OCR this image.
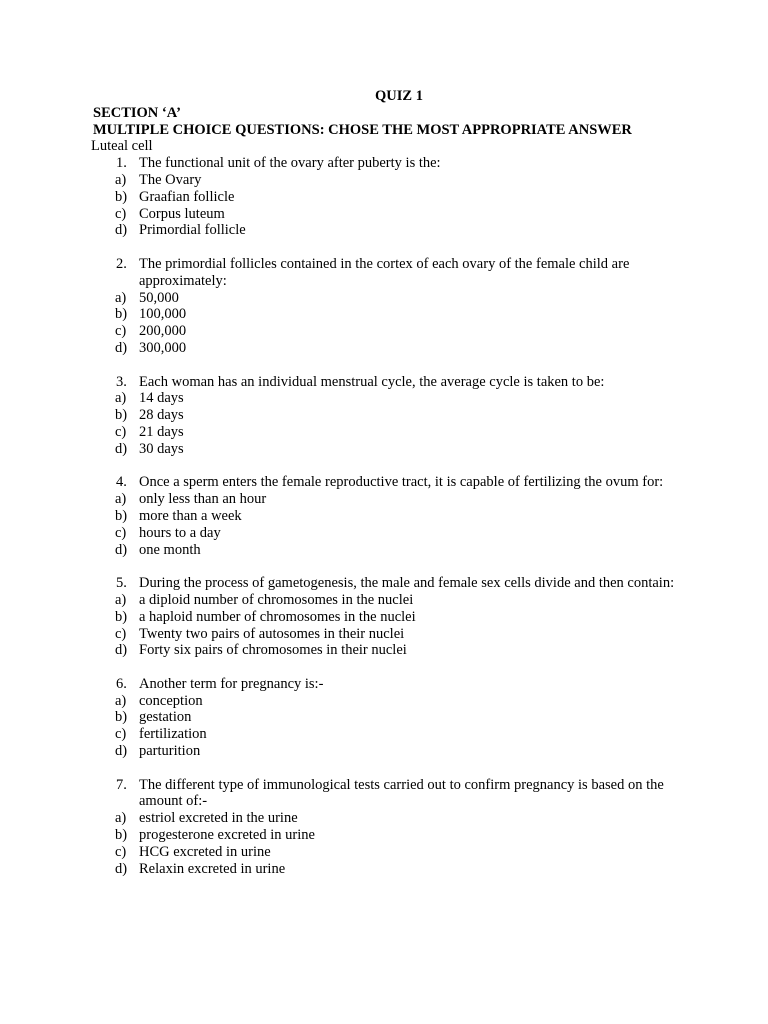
QUIZ 1
SECTION ‘A’
MULTIPLE CHOICE QUESTIONS: CHOSE THE MOST APPROPRIATE ANSWER
Luteal cell
1. The functional unit of the ovary after puberty is the:
a) The Ovary
b) Graafian follicle
c) Corpus luteum
d) Primordial follicle
2. The primordial follicles contained in the cortex of each ovary of the female child are approximately:
a) 50,000
b) 100,000
c) 200,000
d) 300,000
3. Each woman has an individual menstrual cycle, the average cycle is taken to be:
a) 14 days
b) 28 days
c) 21 days
d) 30 days
4. Once a sperm enters the female reproductive tract, it is capable of fertilizing the ovum for:
a) only less than an hour
b) more than a week
c) hours to a day
d) one month
5. During the process of gametogenesis, the male and female sex cells divide and then contain:
a) a diploid number of chromosomes in the nuclei
b) a haploid number of chromosomes in the nuclei
c) Twenty two pairs of autosomes in their nuclei
d) Forty six pairs of chromosomes in their nuclei
6. Another term for pregnancy is:-
a) conception
b) gestation
c) fertilization
d) parturition
7. The different type of immunological tests carried out to confirm pregnancy is based on the amount of:-
a) estriol excreted in the urine
b) progesterone excreted in urine
c) HCG excreted in urine
d) Relaxin excreted in urine
